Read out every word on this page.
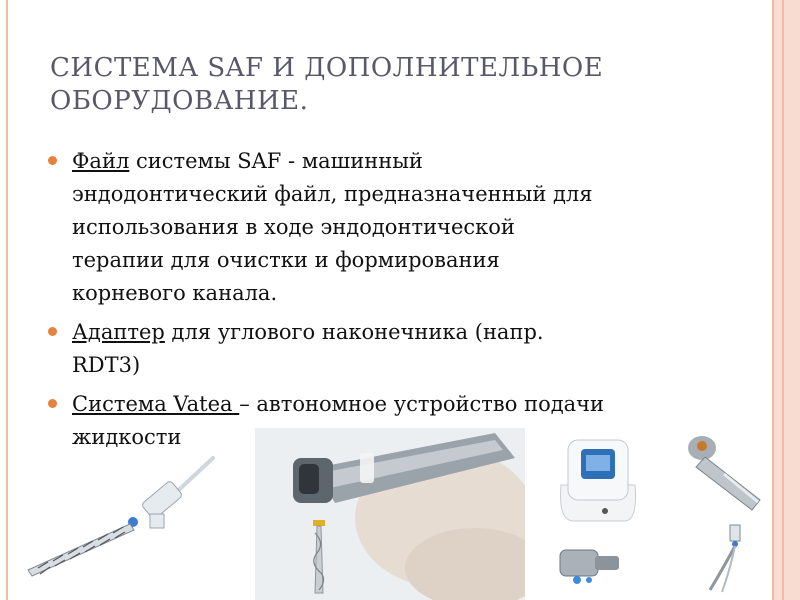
СИСТЕМА SAF И ДОПОЛНИТЕЛЬНОЕ
ОБОРУДОВАНИЕ.
Файл системы SAF - машинный
эндодонтический файл, предназначенный для
использования в ходе эндодонтической
терапии для очистки и формирования
корневого канала.
Адаптер для углового наконечника (напр.
RDT3)
Система Vatea – автономное устройство подачи
жидкости
